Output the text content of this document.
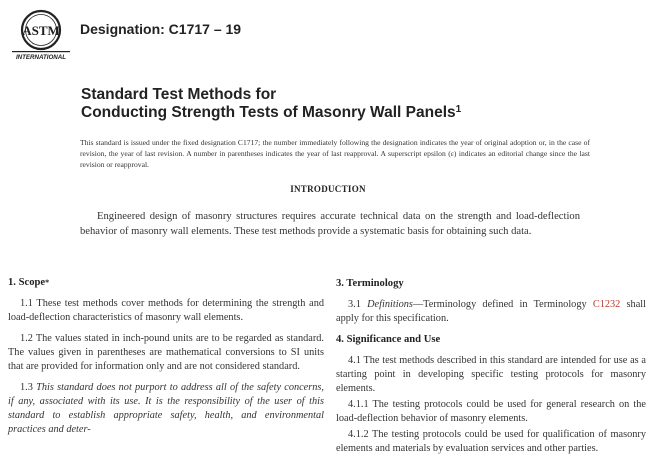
ASTM
INTERNATIONAL
Designation: C1717 – 19
Standard Test Methods for
Conducting Strength Tests of Masonry Wall Panels$^1$
This standard is issued under the fixed designation C1717; the number immediately following the designation indicates the year of original adoption or, in the case of revision, the year of last revision. A number in parentheses indicates the year of last reapproval. A superscript epsilon (ε) indicates an editorial change since the last revision or reapproval.
INTRODUCTION
Engineered design of masonry structures requires accurate technical data on the strength and load-deflection behavior of masonry wall elements. These test methods provide a systematic basis for obtaining such data.
1. Scope*

1.1 These test methods cover methods for determining the strength and load-deflection characteristics of masonry wall elements.

1.2 The values stated in inch-pound units are to be regarded as standard. The values given in parentheses are mathematical conversions to SI units that are provided for information only and are not considered standard.

1.3 This standard does not purport to address all of the safety concerns, if any, associated with its use. It is the responsibility of the user of this standard to establish appropriate safety, health, and environmental practices and deter-

3. Terminology

3.1 Definitions—Terminology defined in Terminology C1232 shall apply for this specification.

4. Significance and Use

4.1 The test methods described in this standard are intended for use as a starting point in developing specific testing protocols for masonry elements.

4.1.1 The testing protocols could be used for general research on the load-deflection behavior of masonry elements.

4.1.2 The testing protocols could be used for qualification of masonry elements and materials by evaluation services and other parties.
